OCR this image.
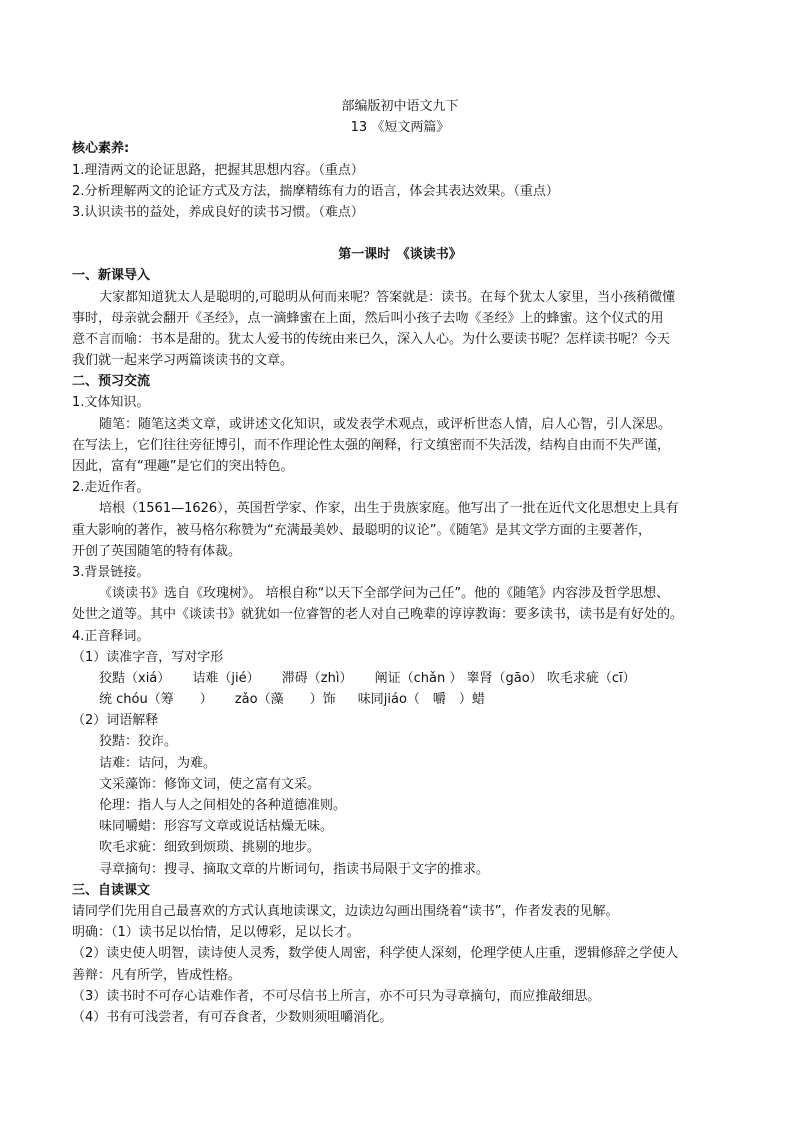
部编版初中语文九下
13 《短文两篇》
核心素养:
1.理清两文的论证思路，把握其思想内容。（重点）
2.分析理解两文的论证方式及方法，揣摩精练有力的语言，体会其表达效果。（重点）
3.认识读书的益处，养成良好的读书习惯。（难点）
第一课时　《谈读书》
一、新课导入
大家都知道犹太人是聪明的,可聪明从何而来呢？答案就是：读书。在每个犹太人家里，当小孩稍微懂
事时，母亲就会翻开《圣经》，点一滴蜂蜜在上面，然后叫小孩子去吻《圣经》上的蜂蜜。这个仪式的用
意不言而喻：书本是甜的。犹太人爱书的传统由来已久，深入人心。为什么要读书呢？怎样读书呢？今天
我们就一起来学习两篇谈读书的文章。
二、预习交流
1.文体知识。
随笔：随笔这类文章，或讲述文化知识，或发表学术观点，或评析世态人情，启人心智，引人深思。
在写法上，它们往往旁征博引，而不作理论性太强的阐释，行文缜密而不失活泼，结构自由而不失严谨，
因此，富有“理趣”是它们的突出特色。
2.走近作者。
培根（1561—1626），英国哲学家、作家，出生于贵族家庭。他写出了一批在近代文化思想史上具有
重大影响的著作，被马格尔称赞为“充满最美妙、最聪明的议论”。《随笔》是其文学方面的主要著作，
开创了英国随笔的特有体裁。
3.背景链接。
《谈读书》选自《玫瑰树》。 培根自称“以天下全部学问为己任”。他的《随笔》内容涉及哲学思想、
处世之道等。其中《谈读书》就犹如一位睿智的老人对自己晚辈的谆谆教诲：要多读书，读书是有好处的。
4.正音释词。
（1）读准字音，写对字形
狡黠（xiá） 诘难（jié） 滞碍（zhì） 阐证（chǎn ） 睾肾（gāo） 吹毛求疵（cī）
统 chóu（筹　　） zǎo（藻　　）饰 味同jiáo（　嚼　）蜡
（2）词语解释
狡黠：狡诈。
诘难：诘问，为难。
文采藻饰：修饰文词，使之富有文采。
伦理：指人与人之间相处的各种道德准则。
味同嚼蜡：形容写文章或说话枯燥无味。
吹毛求疵：细致到烦琐、挑剔的地步。
寻章摘句：搜寻、摘取文章的片断词句，指读书局限于文字的推求。
三、自读课文
请同学们先用自己最喜欢的方式认真地读课文，边读边勾画出围绕着“读书”，作者发表的见解。
明确：（1）读书足以怡情，足以傅彩，足以长才。
（2）读史使人明智，读诗使人灵秀，数学使人周密，科学使人深刻，伦理学使人庄重，逻辑修辞之学使人
善辩：凡有所学，皆成性格。
（3）读书时不可存心诘难作者，不可尽信书上所言，亦不可只为寻章摘句，而应推敲细思。
（4）书有可浅尝者，有可吞食者，少数则须咀嚼消化。
